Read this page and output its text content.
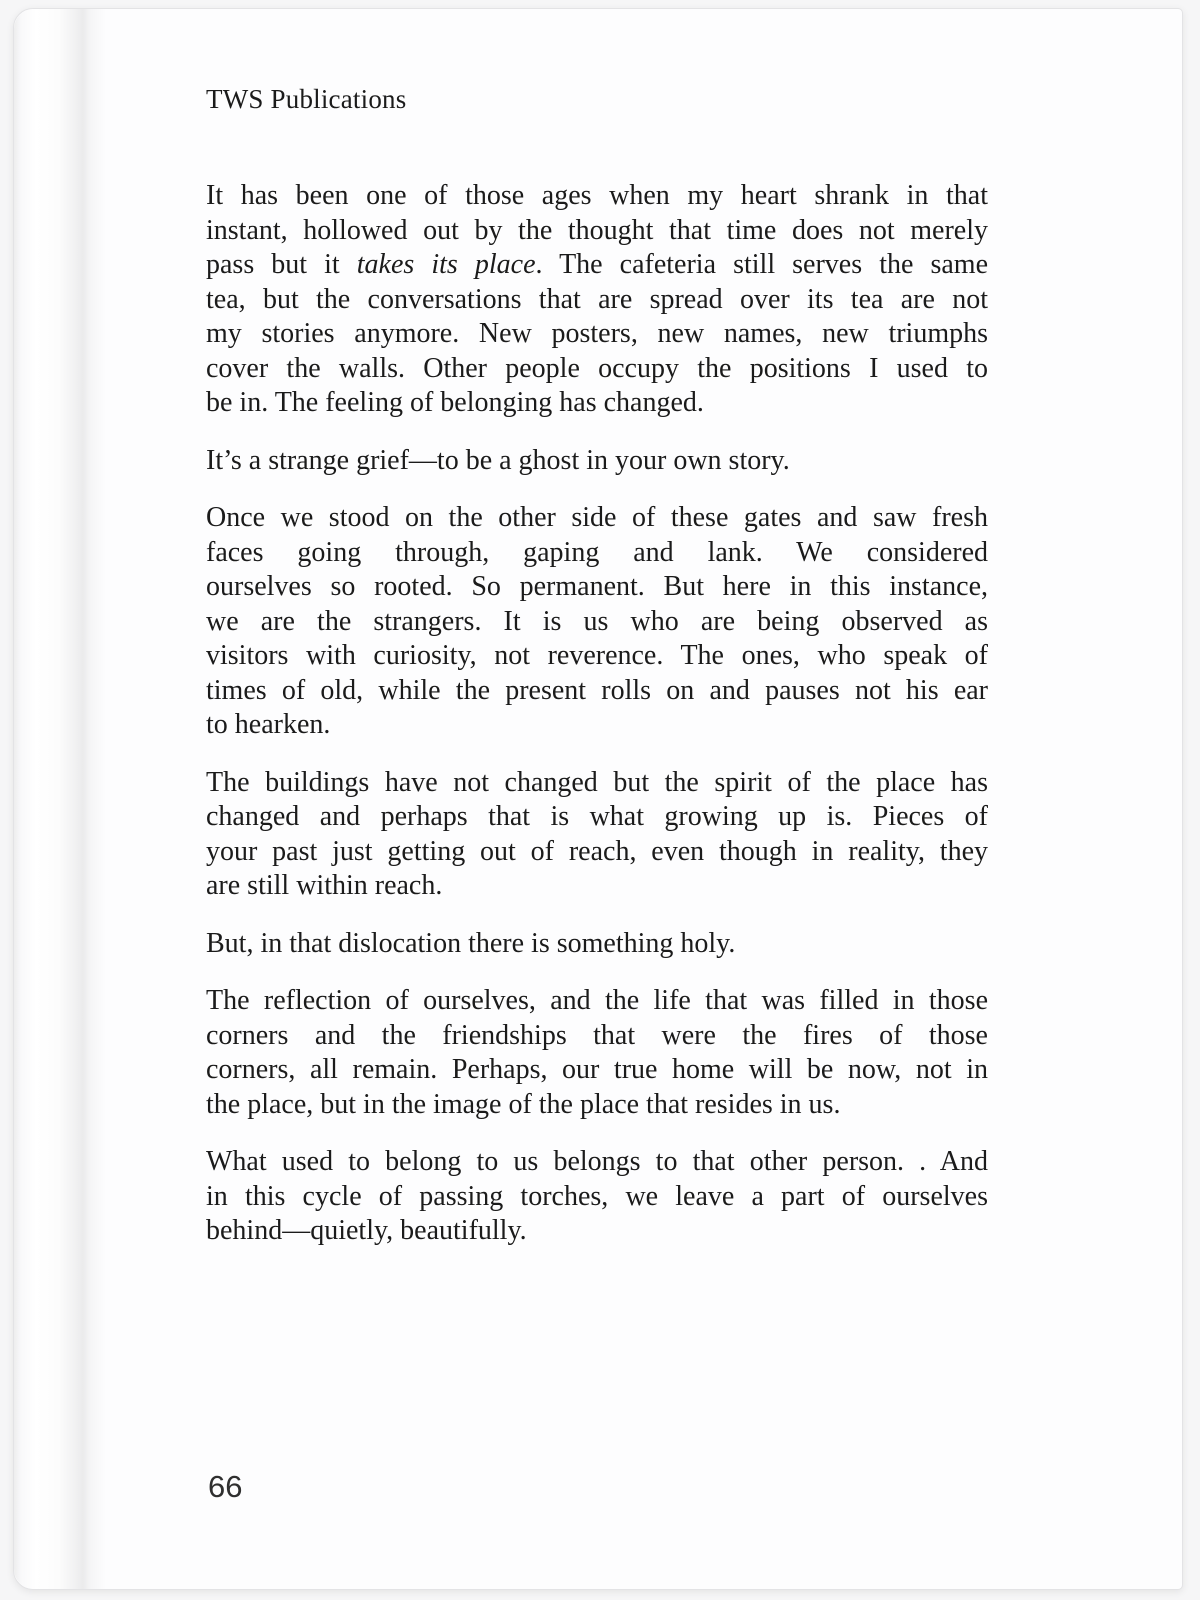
TWS Publications
It has been one of those ages when my heart shrank in that
instant, hollowed out by the thought that time does not merely
pass but it takes its place. The cafeteria still serves the same
tea, but the conversations that are spread over its tea are not
my stories anymore. New posters, new names, new triumphs
cover the walls. Other people occupy the positions I used to
be in. The feeling of belonging has changed.
It’s a strange grief—to be a ghost in your own story.
Once we stood on the other side of these gates and saw fresh
faces going through, gaping and lank. We considered
ourselves so rooted. So permanent. But here in this instance,
we are the strangers. It is us who are being observed as
visitors with curiosity, not reverence. The ones, who speak of
times of old, while the present rolls on and pauses not his ear
to hearken.
The buildings have not changed but the spirit of the place has
changed and perhaps that is what growing up is. Pieces of
your past just getting out of reach, even though in reality, they
are still within reach.
But, in that dislocation there is something holy.
The reflection of ourselves, and the life that was filled in those
corners and the friendships that were the fires of those
corners, all remain. Perhaps, our true home will be now, not in
the place, but in the image of the place that resides in us.
What used to belong to us belongs to that other person. . And
in this cycle of passing torches, we leave a part of ourselves
behind—quietly, beautifully.
66
